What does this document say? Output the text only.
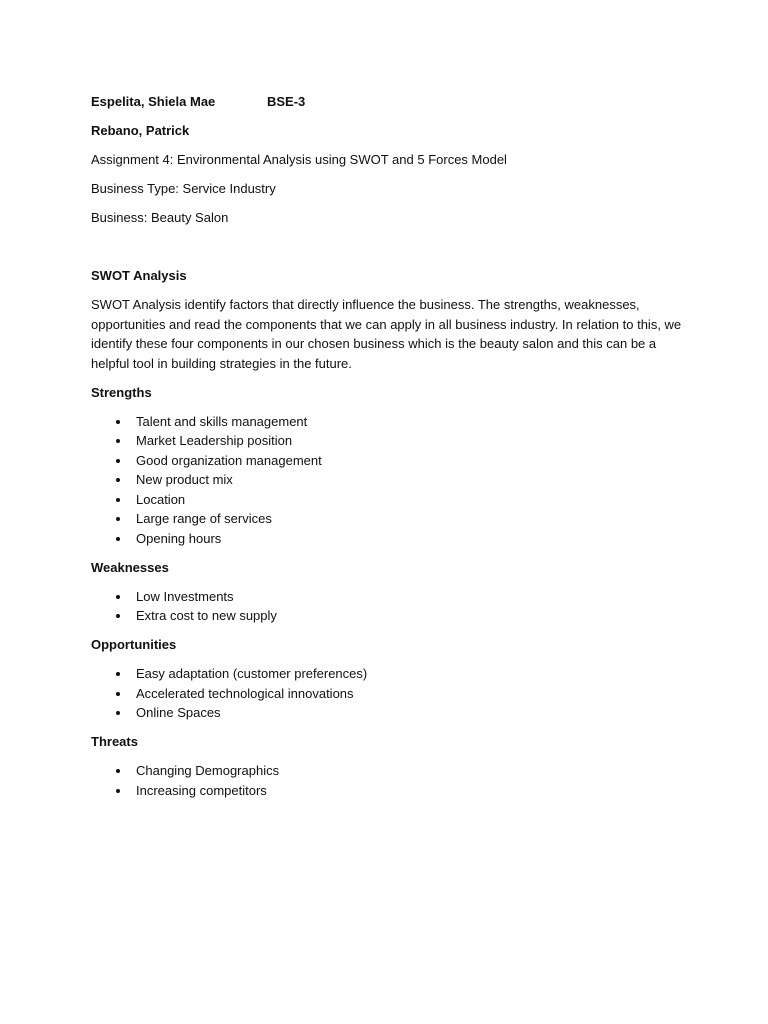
Espelita, Shiela Mae	BSE-3
Rebano, Patrick
Assignment 4: Environmental Analysis using SWOT and 5 Forces Model
Business Type: Service Industry
Business: Beauty Salon
SWOT Analysis
SWOT Analysis identify factors that directly influence the business. The strengths, weaknesses,
opportunities and read the components that we can apply in all business industry. In relation to this, we
identify these four components in our chosen business which is the beauty salon and this can be a
helpful tool in building strategies in the future.
Strengths
Talent and skills management
Market Leadership position
Good organization management
New product mix
Location
Large range of services
Opening hours
Weaknesses
Low Investments
Extra cost to new supply
Opportunities
Easy adaptation (customer preferences)
Accelerated technological innovations
Online Spaces
Threats
Changing Demographics
Increasing competitors
